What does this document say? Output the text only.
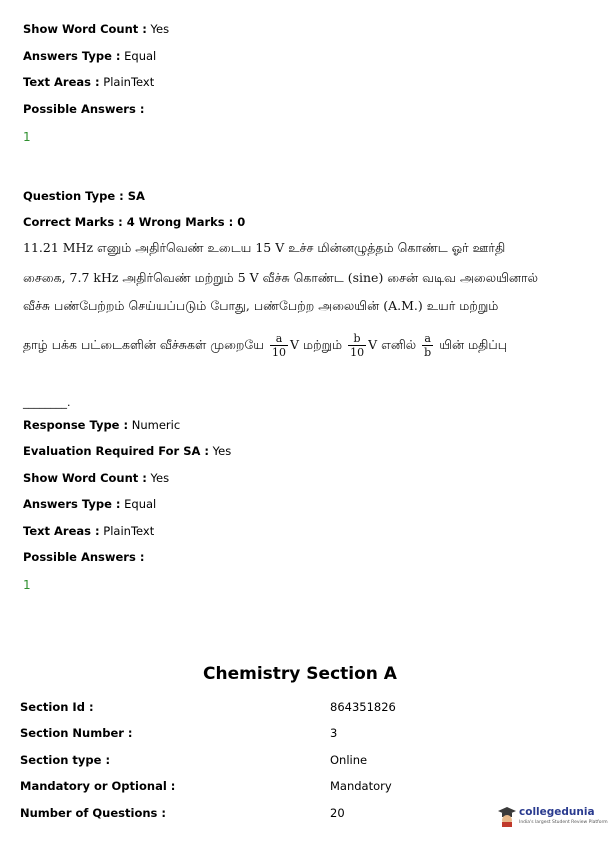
Show Word Count : Yes
Answers Type : Equal
Text Areas : PlainText
Possible Answers :
1
Question Type : SA
Correct Marks : 4 Wrong Marks : 0
11.21 MHz எனும் அதிர்வெண் உடைய 15 V உச்ச மின்னழுத்தம் கொண்ட ஓர் ஊர்தி
சைகை, 7.7 kHz அதிர்வெண் மற்றும் 5 V வீச்சு கொண்ட (sine) சைன் வடிவ அலையினால்
வீச்சு பண்பேற்றம் செய்யப்படும் போது, பண்பேற்ற அலையின் (A.M.) உயர் மற்றும்
தாழ் பக்க பட்டைகளின் வீச்சுகள் முறையே $\frac{a}{10}$ V மற்றும் $\frac{b}{10}$ V எனில் $\frac{a}{b}$ யின் மதிப்பு
________.
Response Type : Numeric
Evaluation Required For SA : Yes
Show Word Count : Yes
Answers Type : Equal
Text Areas : PlainText
Possible Answers :
1
Chemistry Section A
Section Id :	864351826
Section Number :	3
Section type :	Online
Mandatory or Optional :	Mandatory
Number of Questions :	20	collegedunia
India's largest Student Review Platform
